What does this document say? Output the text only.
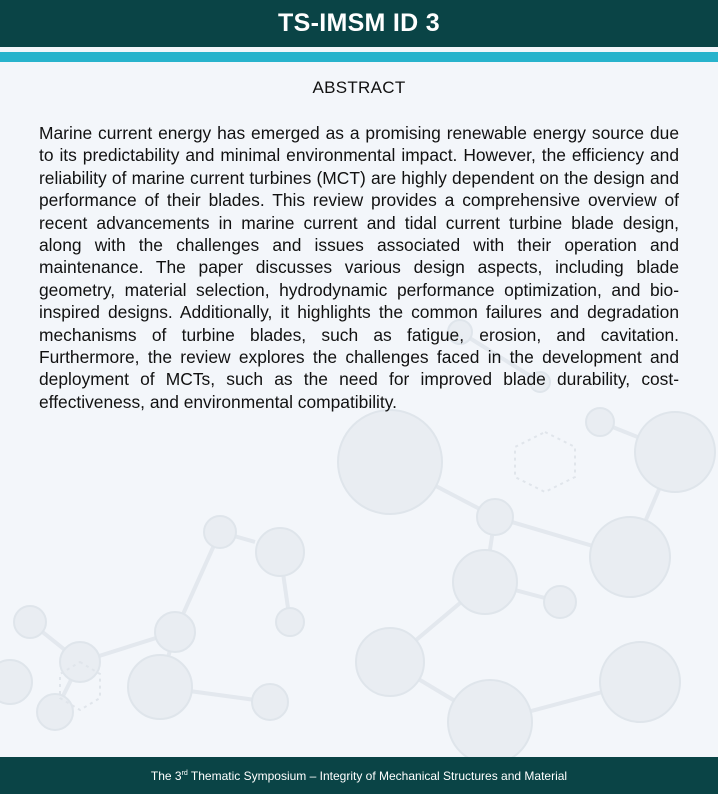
TS-IMSM ID 3
ABSTRACT

Marine current energy has emerged as a promising renewable energy source due to its predictability and minimal environmental impact. However, the efficiency and reliability of marine current turbines (MCT) are highly dependent on the design and performance of their blades. This review provides a comprehensive overview of recent advancements in marine current and tidal current turbine blade design, along with the challenges and issues associated with their operation and maintenance. The paper discusses various design aspects, including blade geometry, material selection, hydrodynamic performance optimization, and bio-inspired designs. Additionally, it highlights the common failures and degradation mechanisms of turbine blades, such as fatigue, erosion, and cavitation. Furthermore, the review explores the challenges faced in the development and deployment of MCTs, such as the need for improved blade durability, cost-effectiveness, and environmental compatibility.

The 3rd Thematic Symposium – Integrity of Mechanical Structures and Material
